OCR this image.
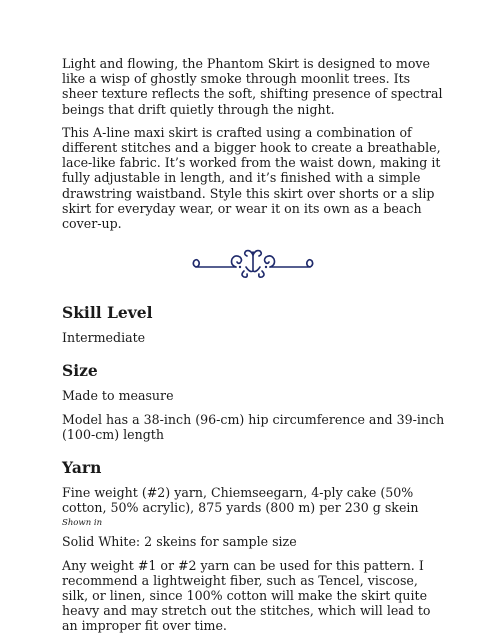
Light and flowing, the Phantom Skirt is designed to move like a wisp of ghostly smoke through moonlit trees. Its sheer texture reflects the soft, shifting presence of spectral beings that drift quietly through the night.

This A-line maxi skirt is crafted using a combination of different stitches and a bigger hook to create a breathable, lace-like fabric. It’s worked from the waist down, making it fully adjustable in length, and it’s finished with a simple drawstring waistband. Style this skirt over shorts or a slip skirt for everyday wear, or wear it on its own as a beach cover-up.

Skill Level

Intermediate

Size

Made to measure

Model has a 38-inch (96-cm) hip circumference and 39-inch (100-cm) length

Yarn

Fine weight (#2) yarn, Chiemseegarn, 4-ply cake (50% cotton, 50% acrylic), 875 yards (800 m) per 230 g skein

Shown in

Solid White: 2 skeins for sample size

Any weight #1 or #2 yarn can be used for this pattern. I recommend a lightweight fiber, such as Tencel, viscose, silk, or linen, since 100% cotton will make the skirt quite heavy and may stretch out the stitches, which will lead to an improper fit over time.
